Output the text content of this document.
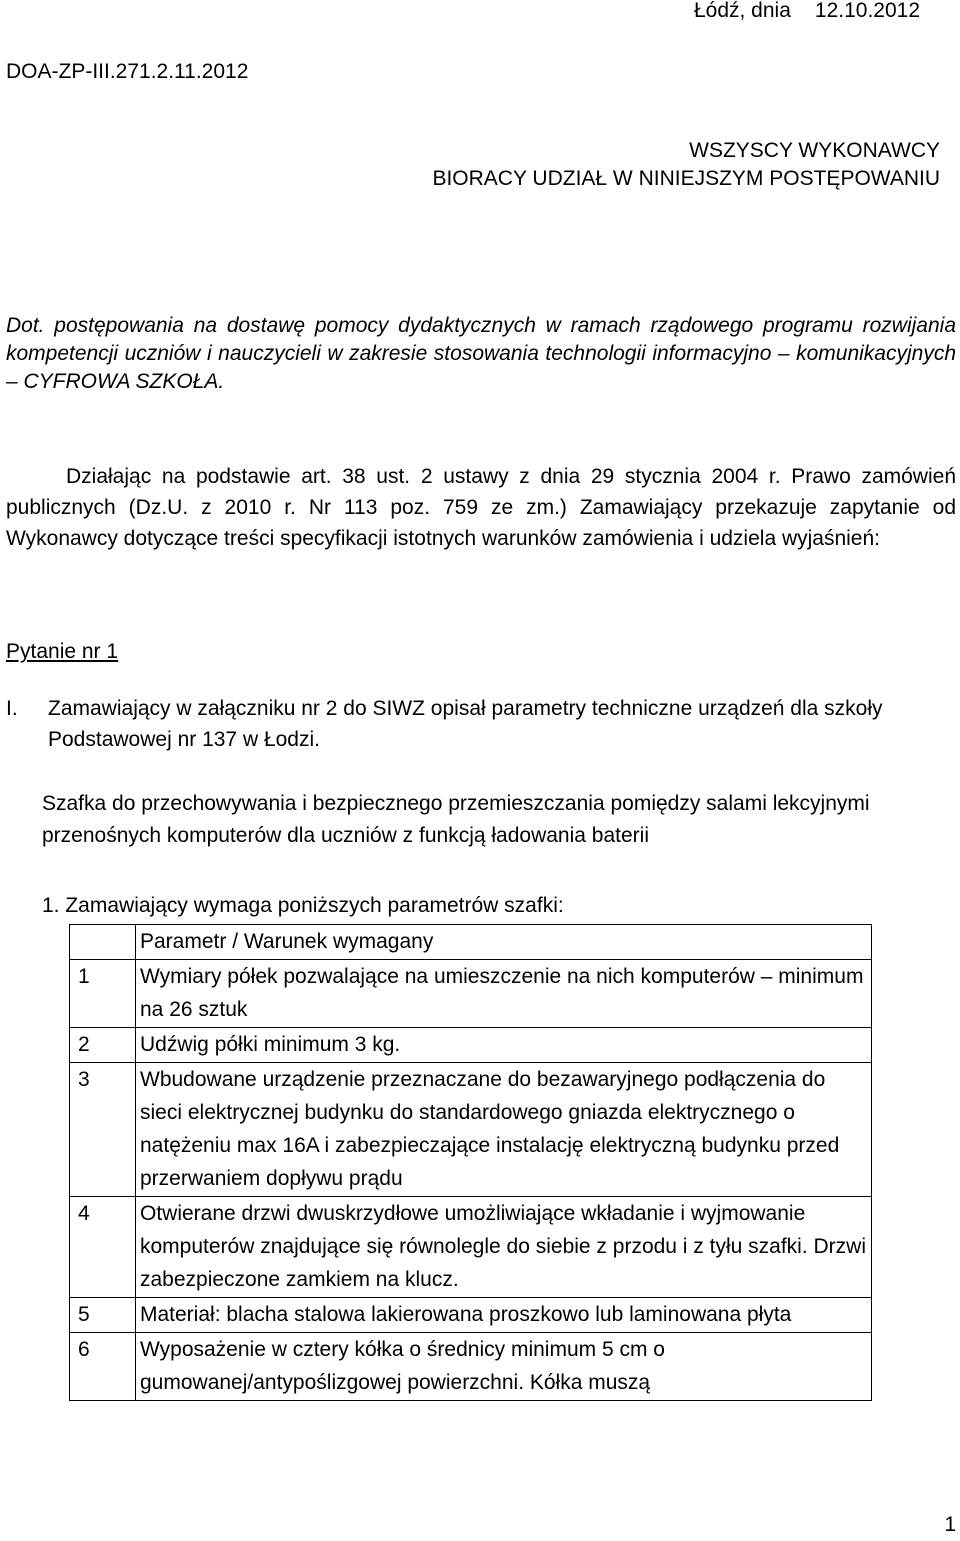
Łódź, dnia 12.10.2012
DOA-ZP-III.271.2.11.2012
WSZYSCY WYKONAWCY
BIORACY UDZIAŁ W NINIEJSZYM POSTĘPOWANIU
Dot. postępowania na dostawę pomocy dydaktycznych w ramach rządowego programu rozwijania kompetencji uczniów i nauczycieli w zakresie stosowania technologii informacyjno – komunikacyjnych – CYFROWA SZKOŁA.
Działając na podstawie art. 38 ust. 2 ustawy z dnia 29 stycznia 2004 r. Prawo zamówień publicznych (Dz.U. z 2010 r. Nr 113 poz. 759 ze zm.) Zamawiający przekazuje zapytanie od Wykonawcy dotyczące treści specyfikacji istotnych warunków zamówienia i udziela wyjaśnień:
Pytanie nr 1
I. Zamawiający w załączniku nr 2 do SIWZ opisał parametry techniczne urządzeń dla szkoły Podstawowej nr 137 w Łodzi.
Szafka do przechowywania i bezpiecznego przemieszczania pomiędzy salami lekcyjnymi przenośnych komputerów dla uczniów z funkcją ładowania baterii
1. Zamawiający wymaga poniższych parametrów szafki:
	Parametr / Warunek wymagany
1	Wymiary półek pozwalające na umieszczenie na nich komputerów – minimum na 26 sztuk
2	Udźwig półki minimum 3 kg.
3	Wbudowane urządzenie przeznaczane do bezawaryjnego podłączenia do sieci elektrycznej budynku do standardowego gniazda elektrycznego o natężeniu max 16A i zabezpieczające instalację elektryczną budynku przed przerwaniem dopływu prądu
4	Otwierane drzwi dwuskrzydłowe umożliwiające wkładanie i wyjmowanie komputerów znajdujące się równolegle do siebie z przodu i z tyłu szafki. Drzwi zabezpieczone zamkiem na klucz.
5	Materiał: blacha stalowa lakierowana proszkowo lub laminowana płyta
6	Wyposażenie w cztery kółka o średnicy minimum 5 cm o gumowanej/antypoślizgowej powierzchni. Kółka muszą
1
